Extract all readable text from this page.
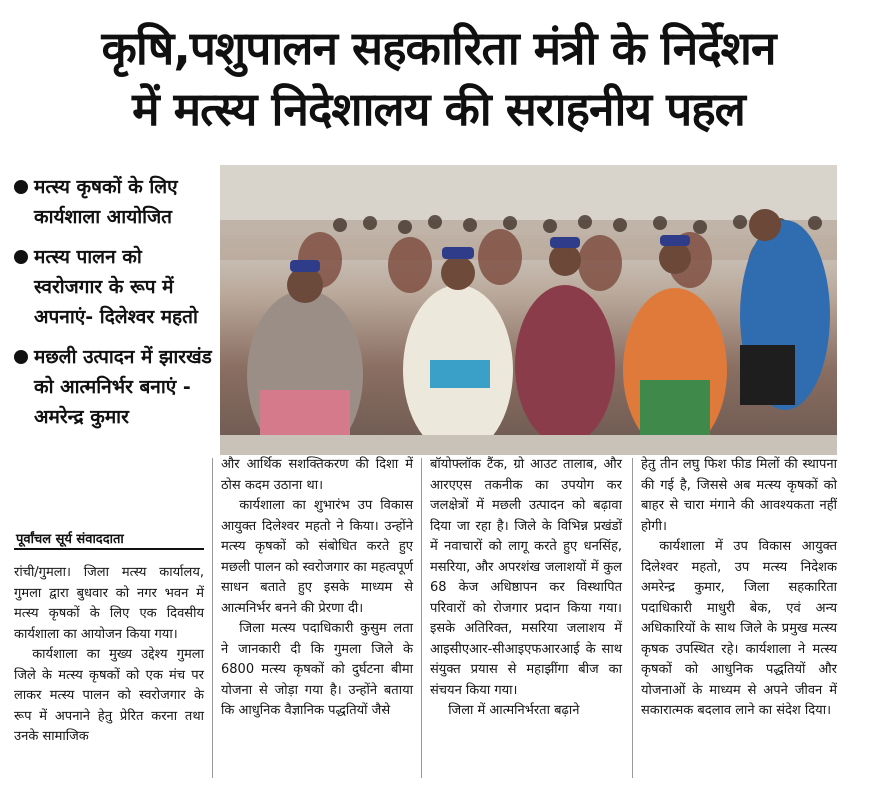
कृषि,पशुपालन सहकारिता मंत्री के निर्देशन
में मत्स्य निदेशालय की सराहनीय पहल
मत्स्य कृषकों के लिए कार्यशाला आयोजित
मत्स्य पालन को स्वरोजगार के रूप में अपनाएं- दिलेश्वर महतो
मछली उत्पादन में झारखंड को आत्मनिर्भर बनाएं - अमरेन्द्र कुमार
पूर्वांचल सूर्य संवाददाता

रांची/गुमला। जिला मत्स्य कार्यालय, गुमला द्वारा बुधवार को नगर भवन में मत्स्य कृषकों के लिए एक दिवसीय कार्यशाला का आयोजन किया गया।

कार्यशाला का मुख्य उद्देश्य गुमला जिले के मत्स्य कृषकों को एक मंच पर लाकर मत्स्य पालन को स्वरोजगार के रूप में अपनाने हेतु प्रेरित करना तथा उनके सामाजिक

और आर्थिक सशक्तिकरण की दिशा में ठोस कदम उठाना था।

कार्यशाला का शुभारंभ उप विकास आयुक्त दिलेश्वर महतो ने किया। उन्होंने मत्स्य कृषकों को संबोधित करते हुए मछली पालन को स्वरोजगार का महत्वपूर्ण साधन बताते हुए इसके माध्यम से आत्मनिर्भर बनने की प्रेरणा दी।

जिला मत्स्य पदाधिकारी कुसुम लता ने जानकारी दी कि गुमला जिले के 6800 मत्स्य कृषकों को दुर्घटना बीमा योजना से जोड़ा गया है। उन्होंने बताया कि आधुनिक वैज्ञानिक पद्धतियों जैसे

बॉयोफ्लॉक टैंक, ग्रो आउट तालाब, और आरएएस तकनीक का उपयोग कर जलक्षेत्रों में मछली उत्पादन को बढ़ावा दिया जा रहा है। जिले के विभिन्न प्रखंडों में नवाचारों को लागू करते हुए धनसिंह, मसरिया, और अपरशंख जलाशयों में कुल 68 केज अधिष्ठापन कर विस्थापित परिवारों को रोजगार प्रदान किया गया। इसके अतिरिक्त, मसरिया जलाशय में आइसीएआर-सीआइएफआरआई के साथ संयुक्त प्रयास से महाझींगा बीज का संचयन किया गया।

जिला में आत्मनिर्भरता बढ़ाने

हेतु तीन लघु फिश फीड मिलों की स्थापना की गई है, जिससे अब मत्स्य कृषकों को बाहर से चारा मंगाने की आवश्यकता नहीं होगी।

कार्यशाला में उप विकास आयुक्त दिलेश्वर महतो, उप मत्स्य निदेशक अमरेन्द्र कुमार, जिला सहकारिता पदाधिकारी माधुरी बेक, एवं अन्य अधिकारियों के साथ जिले के प्रमुख मत्स्य कृषक उपस्थित रहे। कार्यशाला ने मत्स्य कृषकों को आधुनिक पद्धतियों और योजनाओं के माध्यम से अपने जीवन में सकारात्मक बदलाव लाने का संदेश दिया।
